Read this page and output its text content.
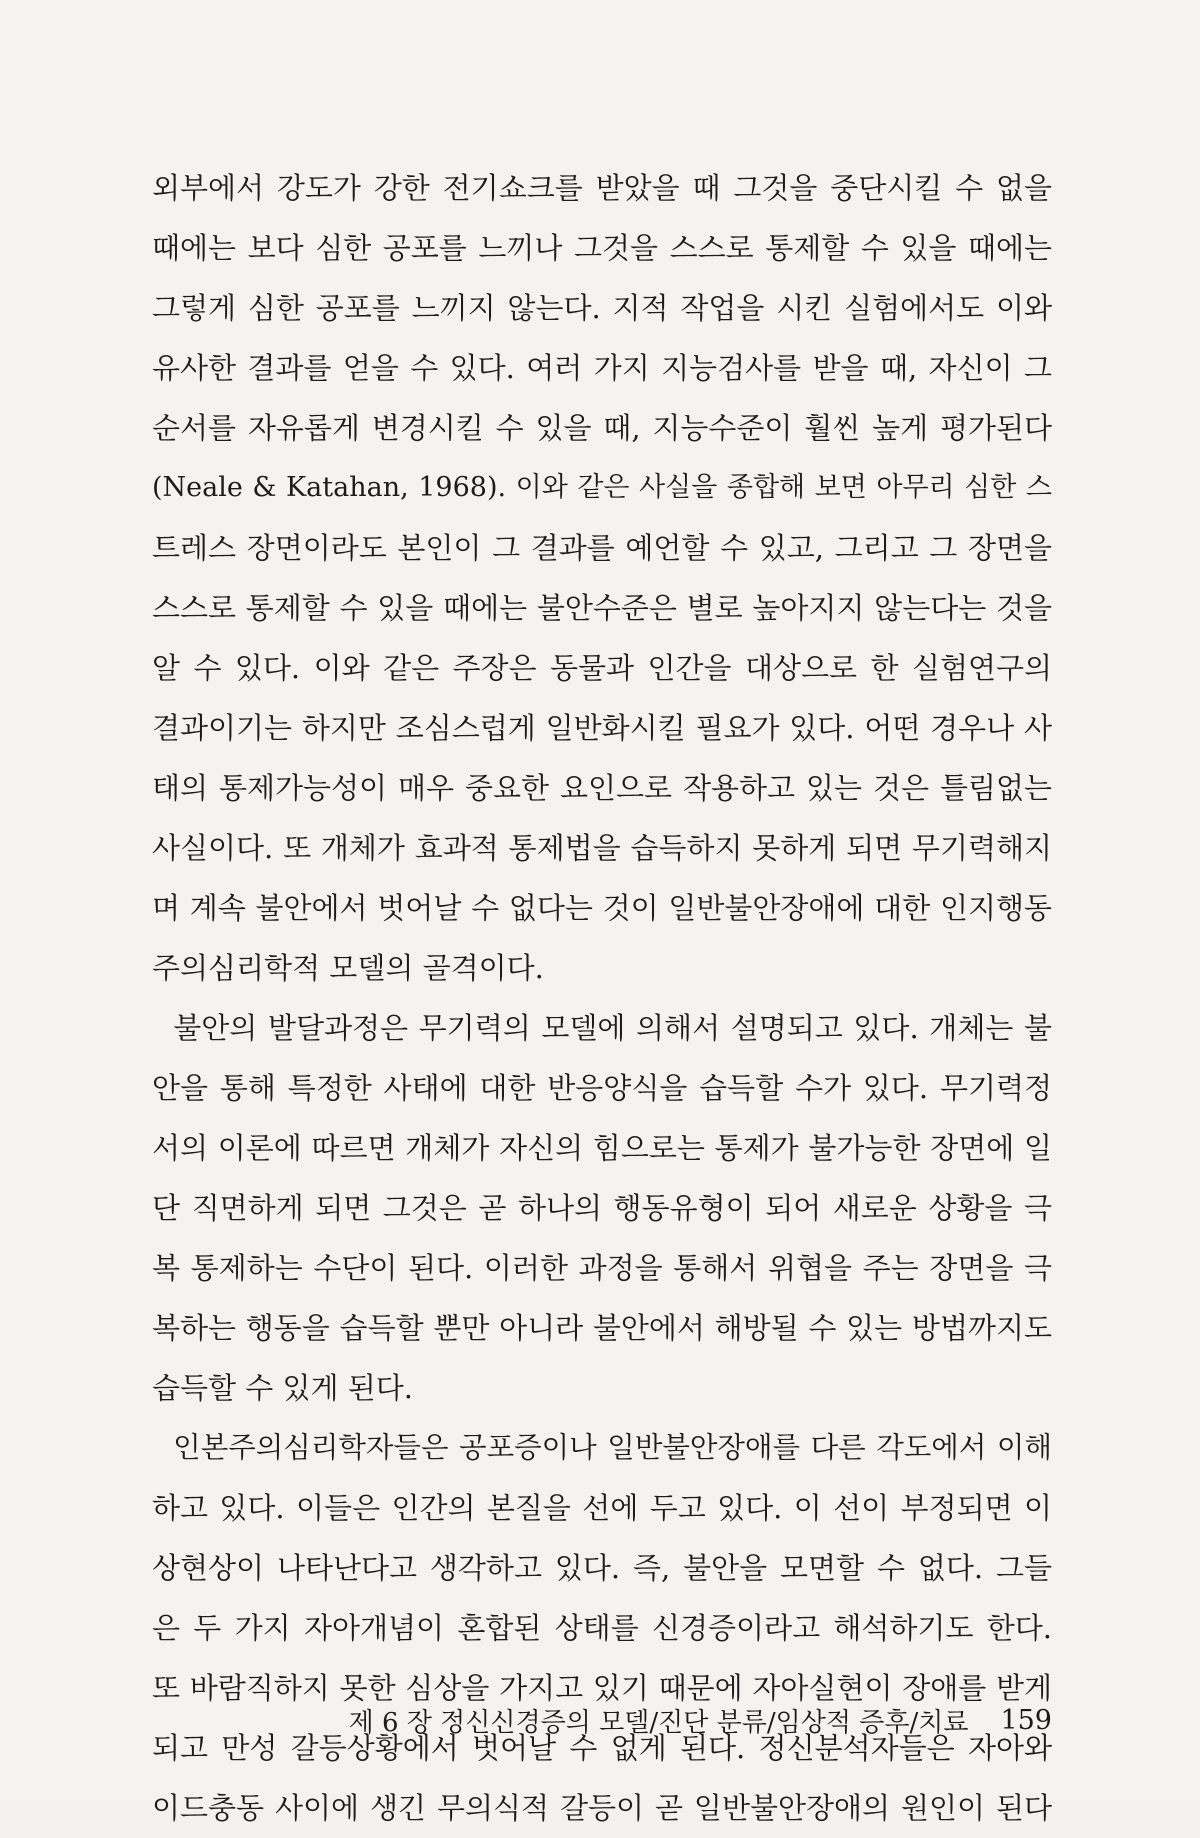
외부에서 강도가 강한 전기쇼크를 받았을 때 그것을 중단시킬 수 없을
때에는 보다 심한 공포를 느끼나 그것을 스스로 통제할 수 있을 때에는
그렇게 심한 공포를 느끼지 않는다. 지적 작업을 시킨 실험에서도 이와
유사한 결과를 얻을 수 있다. 여러 가지 지능검사를 받을 때, 자신이 그
순서를 자유롭게 변경시킬 수 있을 때, 지능수준이 훨씬 높게 평가된다
(Neale & Katahan, 1968). 이와 같은 사실을 종합해 보면 아무리 심한 스
트레스 장면이라도 본인이 그 결과를 예언할 수 있고, 그리고 그 장면을
스스로 통제할 수 있을 때에는 불안수준은 별로 높아지지 않는다는 것을
알 수 있다. 이와 같은 주장은 동물과 인간을 대상으로 한 실험연구의
결과이기는 하지만 조심스럽게 일반화시킬 필요가 있다. 어떤 경우나 사
태의 통제가능성이 매우 중요한 요인으로 작용하고 있는 것은 틀림없는
사실이다. 또 개체가 효과적 통제법을 습득하지 못하게 되면 무기력해지
며 계속 불안에서 벗어날 수 없다는 것이 일반불안장애에 대한 인지행동
주의심리학적 모델의 골격이다.
불안의 발달과정은 무기력의 모델에 의해서 설명되고 있다. 개체는 불
안을 통해 특정한 사태에 대한 반응양식을 습득할 수가 있다. 무기력정
서의 이론에 따르면 개체가 자신의 힘으로는 통제가 불가능한 장면에 일
단 직면하게 되면 그것은 곧 하나의 행동유형이 되어 새로운 상황을 극
복 통제하는 수단이 된다. 이러한 과정을 통해서 위협을 주는 장면을 극
복하는 행동을 습득할 뿐만 아니라 불안에서 해방될 수 있는 방법까지도
습득할 수 있게 된다.
인본주의심리학자들은 공포증이나 일반불안장애를 다른 각도에서 이해
하고 있다. 이들은 인간의 본질을 선에 두고 있다. 이 선이 부정되면 이
상현상이 나타난다고 생각하고 있다. 즉, 불안을 모면할 수 없다. 그들
은 두 가지 자아개념이 혼합된 상태를 신경증이라고 해석하기도 한다.
또 바람직하지 못한 심상을 가지고 있기 때문에 자아실현이 장애를 받게
되고 만성 갈등상황에서 벗어날 수 없게 된다. 정신분석자들은 자아와
이드충동 사이에 생긴 무의식적 갈등이 곧 일반불안장애의 원인이 된다
제 6 장 정신신경증의 모델/진단 분류/임상적 증후/치료 159
